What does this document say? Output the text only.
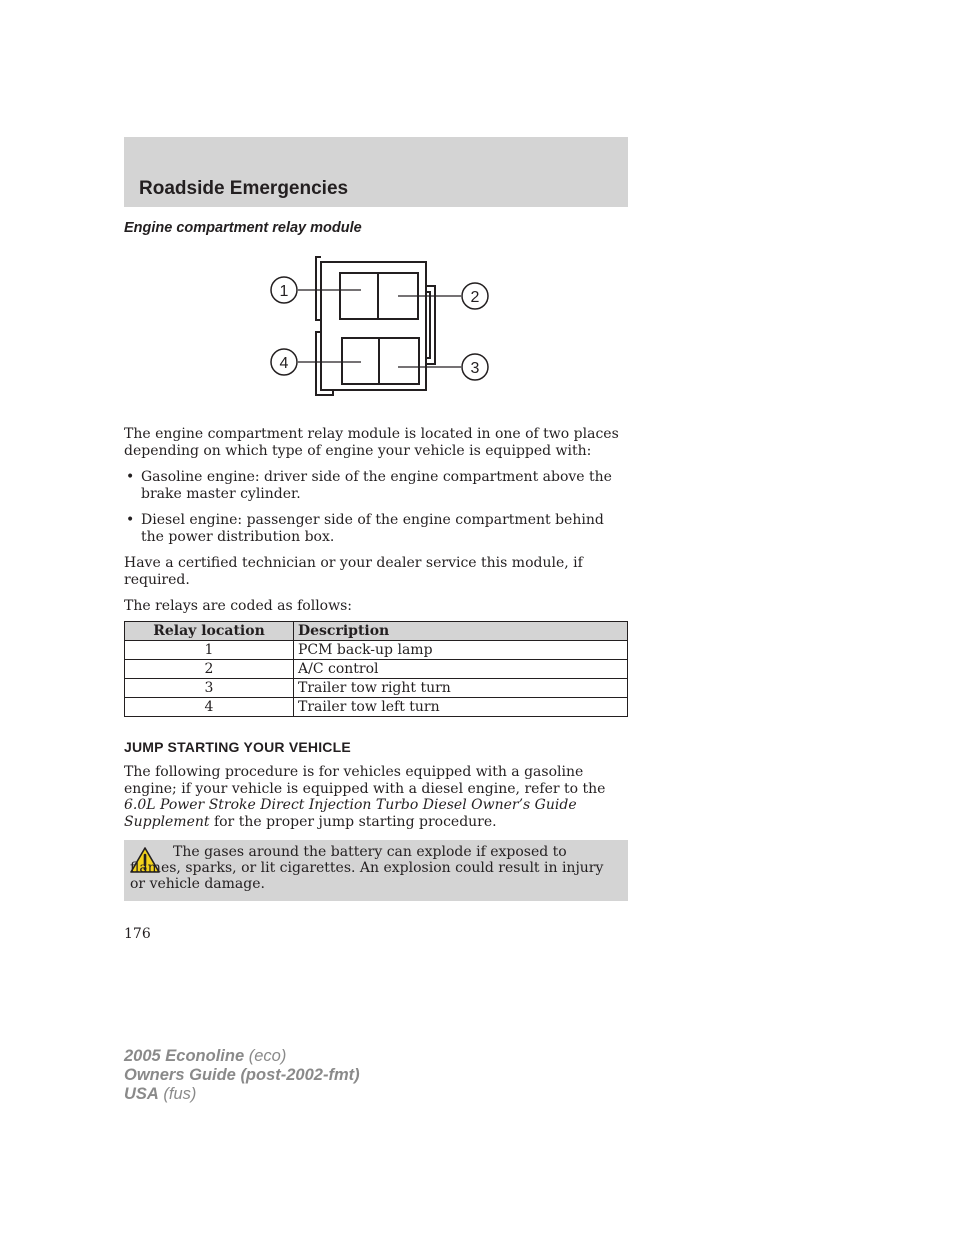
Roadside Emergencies
Engine compartment relay module
1	2
3
4

The engine compartment relay module is located in one of two places depending on which type of engine your vehicle is equipped with:

• Gasoline engine: driver side of the engine compartment above the brake master cylinder.
• Diesel engine: passenger side of the engine compartment behind the power distribution box.

Have a certified technician or your dealer service this module, if required.

The relays are coded as follows:

Relay location	Description
1	PCM back-up lamp
2	A/C control
3	Trailer tow right turn
4	Trailer tow left turn
JUMP STARTING YOUR VEHICLE

The following procedure is for vehicles equipped with a gasoline engine; if your vehicle is equipped with a diesel engine, refer to the 6.0L Power Stroke Direct Injection Turbo Diesel Owner’s Guide Supplement for the proper jump starting procedure.

The gases around the battery can explode if exposed to flames, sparks, or lit cigarettes. An explosion could result in injury or vehicle damage.

176

2005 Econoline (eco)
Owners Guide (post-2002-fmt)
USA (fus)
